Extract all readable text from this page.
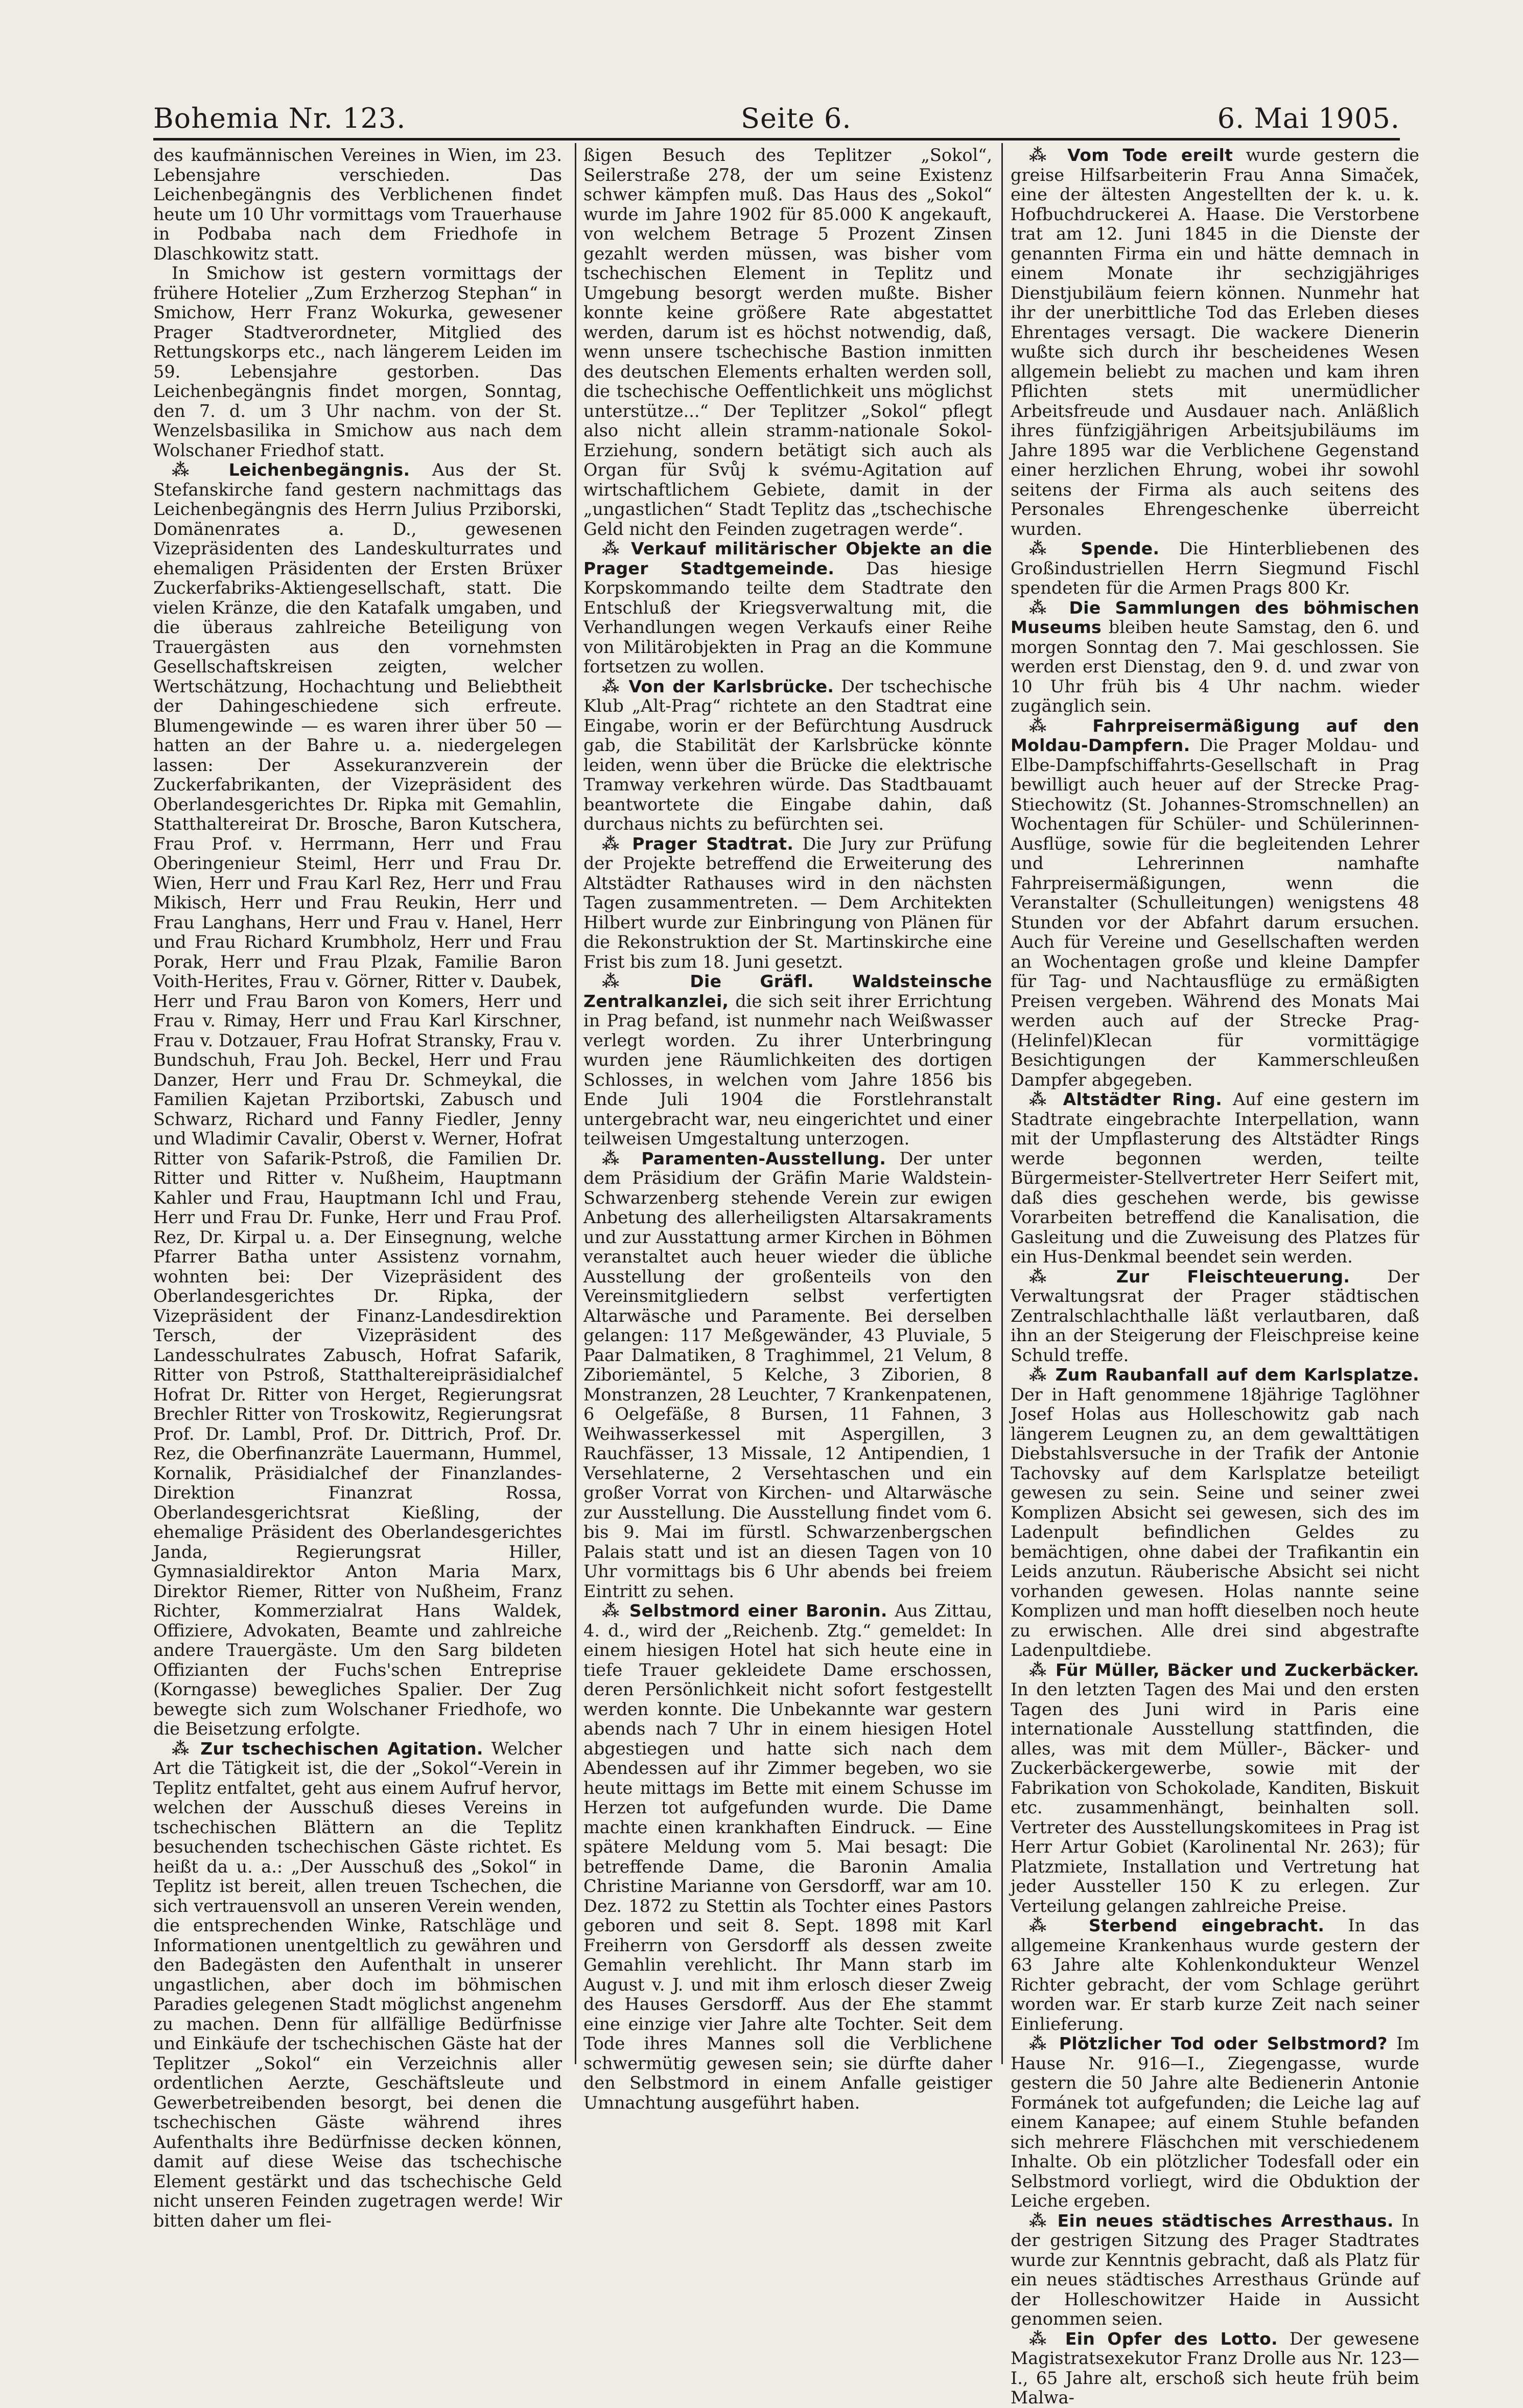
Bohemia Nr. 123.	Seite 6.	6. Mai 1905.

des kaufmännischen Vereines in Wien, im 23. Lebensjahre verschieden. Das Leichenbegängnis des Verblichenen findet heute um 10 Uhr vormittags vom Trauerhause in Podbaba nach dem Friedhofe in Dlaschkowitz statt.

In Smichow ist gestern vormittags der frühere Hotelier „Zum Erzherzog Stephan“ in Smichow, Herr Franz Wokurka, gewesener Prager Stadtverordneter, Mitglied des Rettungskorps etc., nach längerem Leiden im 59. Lebensjahre gestorben. Das Leichenbegängnis findet morgen, Sonntag, den 7. d. um 3 Uhr nachm. von der St. Wenzelsbasilika in Smichow aus nach dem Wolschaner Friedhof statt.

⁂ Leichenbegängnis. Aus der St. Stefanskirche fand gestern nachmittags das Leichenbegängnis des Herrn Julius Prziborski, Domänenrates a. D., gewesenen Vizepräsidenten des Landeskulturrates und ehemaligen Präsidenten der Ersten Brüxer Zuckerfabriks-Aktiengesellschaft, statt. Die vielen Kränze, die den Katafalk umgaben, und die überaus zahlreiche Beteiligung von Trauergästen aus den vornehmsten Gesellschaftskreisen zeigten, welcher Wertschätzung, Hochachtung und Beliebtheit der Dahingeschiedene sich erfreute. Blumengewinde — es waren ihrer über 50 — hatten an der Bahre u. a. niedergelegen lassen: Der Assekuranzverein der Zuckerfabrikanten, der Vizepräsident des Oberlandesgerichtes Dr. Ripka mit Gemahlin, Statthaltereirat Dr. Brosche, Baron Kutschera, Frau Prof. v. Herrmann, Herr und Frau Oberingenieur Steiml, Herr und Frau Dr. Wien, Herr und Frau Karl Rez, Herr und Frau Mikisch, Herr und Frau Reukin, Herr und Frau Langhans, Herr und Frau v. Hanel, Herr und Frau Richard Krumbholz, Herr und Frau Porak, Herr und Frau Plzak, Familie Baron Voith-Herites, Frau v. Görner, Ritter v. Daubek, Herr und Frau Baron von Komers, Herr und Frau v. Rimay, Herr und Frau Karl Kirschner, Frau v. Dotzauer, Frau Hofrat Stransky, Frau v. Bundschuh, Frau Joh. Beckel, Herr und Frau Danzer, Herr und Frau Dr. Schmeykal, die Familien Kajetan Przibortski, Zabusch und Schwarz, Richard und Fanny Fiedler, Jenny und Wladimir Cavalir, Oberst v. Werner, Hofrat Ritter von Safarik-Pstroß, die Familien Dr. Ritter und Ritter v. Nußheim, Hauptmann Kahler und Frau, Hauptmann Ichl und Frau, Herr und Frau Dr. Funke, Herr und Frau Prof. Rez, Dr. Kirpal u. a. Der Einsegnung, welche Pfarrer Batha unter Assistenz vornahm, wohnten bei: Der Vizepräsident des Oberlandesgerichtes Dr. Ripka, der Vizepräsident der Finanz-Landesdirektion Tersch, der Vizepräsident des Landesschulrates Zabusch, Hofrat Safarik, Ritter von Pstroß, Statthaltereipräsidialchef Hofrat Dr. Ritter von Herget, Regierungsrat Brechler Ritter von Troskowitz, Regierungsrat Prof. Dr. Lambl, Prof. Dr. Dittrich, Prof. Dr. Rez, die Oberfinanzräte Lauermann, Hummel, Kornalik, Präsidialchef der Finanzlandes-Direktion Finanzrat Rossa, Oberlandesgerichtsrat Kießling, der ehemalige Präsident des Oberlandesgerichtes Janda, Regierungsrat Hiller, Gymnasialdirektor Anton Maria Marx, Direktor Riemer, Ritter von Nußheim, Franz Richter, Kommerzialrat Hans Waldek, Offiziere, Advokaten, Beamte und zahlreiche andere Trauergäste. Um den Sarg bildeten Offizianten der Fuchs'schen Entreprise (Korngasse) bewegliches Spalier. Der Zug bewegte sich zum Wolschaner Friedhofe, wo die Beisetzung erfolgte.

⁂ Zur tschechischen Agitation. Welcher Art die Tätigkeit ist, die der „Sokol“-Verein in Teplitz entfaltet, geht aus einem Aufruf hervor, welchen der Ausschuß dieses Vereins in tschechischen Blättern an die Teplitz besuchenden tschechischen Gäste richtet. Es heißt da u. a.: „Der Ausschuß des „Sokol“ in Teplitz ist bereit, allen treuen Tschechen, die sich vertrauensvoll an unseren Verein wenden, die entsprechenden Winke, Ratschläge und Informationen unentgeltlich zu gewähren und den Badegästen den Aufenthalt in unserer ungastlichen, aber doch im böhmischen Paradies gelegenen Stadt möglichst angenehm zu machen. Denn für allfällige Bedürfnisse und Einkäufe der tschechischen Gäste hat der Teplitzer „Sokol“ ein Verzeichnis aller ordentlichen Aerzte, Geschäftsleute und Gewerbetreibenden besorgt, bei denen die tschechischen Gäste während ihres Aufenthalts ihre Bedürfnisse decken können, damit auf diese Weise das tschechische Element gestärkt und das tschechische Geld nicht unseren Feinden zugetragen werde! Wir bitten daher um flei-

ßigen Besuch des Teplitzer „Sokol“, Seilerstraße 278, der um seine Existenz schwer kämpfen muß. Das Haus des „Sokol“ wurde im Jahre 1902 für 85.000 K angekauft, von welchem Betrage 5 Prozent Zinsen gezahlt werden müssen, was bisher vom tschechischen Element in Teplitz und Umgebung besorgt werden mußte. Bisher konnte keine größere Rate abgestattet werden, darum ist es höchst notwendig, daß, wenn unsere tschechische Bastion inmitten des deutschen Elements erhalten werden soll, die tschechische Oeffentlichkeit uns möglichst unterstütze...“ Der Teplitzer „Sokol“ pflegt also nicht allein stramm-nationale Sokol-Erziehung, sondern betätigt sich auch als Organ für Svůj k svému-Agitation auf wirtschaftlichem Gebiete, damit in der „ungastlichen“ Stadt Teplitz das „tschechische Geld nicht den Feinden zugetragen werde“.

⁂ Verkauf militärischer Objekte an die Prager Stadtgemeinde. Das hiesige Korpskommando teilte dem Stadtrate den Entschluß der Kriegsverwaltung mit, die Verhandlungen wegen Verkaufs einer Reihe von Militärobjekten in Prag an die Kommune fortsetzen zu wollen.

⁂ Von der Karlsbrücke. Der tschechische Klub „Alt-Prag“ richtete an den Stadtrat eine Eingabe, worin er der Befürchtung Ausdruck gab, die Stabilität der Karlsbrücke könnte leiden, wenn über die Brücke die elektrische Tramway verkehren würde. Das Stadtbauamt beantwortete die Eingabe dahin, daß durchaus nichts zu befürchten sei.

⁂ Prager Stadtrat. Die Jury zur Prüfung der Projekte betreffend die Erweiterung des Altstädter Rathauses wird in den nächsten Tagen zusammentreten. — Dem Architekten Hilbert wurde zur Einbringung von Plänen für die Rekonstruktion der St. Martinskirche eine Frist bis zum 18. Juni gesetzt.

⁂ Die Gräfl. Waldsteinsche Zentralkanzlei, die sich seit ihrer Errichtung in Prag befand, ist nunmehr nach Weißwasser verlegt worden. Zu ihrer Unterbringung wurden jene Räumlichkeiten des dortigen Schlosses, in welchen vom Jahre 1856 bis Ende Juli 1904 die Forstlehranstalt untergebracht war, neu eingerichtet und einer teilweisen Umgestaltung unterzogen.

⁂ Paramenten-Ausstellung. Der unter dem Präsidium der Gräfin Marie Waldstein-Schwarzenberg stehende Verein zur ewigen Anbetung des allerheiligsten Altarsakraments und zur Ausstattung armer Kirchen in Böhmen veranstaltet auch heuer wieder die übliche Ausstellung der großenteils von den Vereinsmitgliedern selbst verfertigten Altarwäsche und Paramente. Bei derselben gelangen: 117 Meßgewänder, 43 Pluviale, 5 Paar Dalmatiken, 8 Traghimmel, 21 Velum, 8 Ziboriemäntel, 5 Kelche, 3 Ziborien, 8 Monstranzen, 28 Leuchter, 7 Krankenpatenen, 6 Oelgefäße, 8 Bursen, 11 Fahnen, 3 Weihwasserkessel mit Aspergillen, 3 Rauchfässer, 13 Missale, 12 Antipendien, 1 Versehlaterne, 2 Versehtaschen und ein großer Vorrat von Kirchen- und Altarwäsche zur Ausstellung. Die Ausstellung findet vom 6. bis 9. Mai im fürstl. Schwarzenbergschen Palais statt und ist an diesen Tagen von 10 Uhr vormittags bis 6 Uhr abends bei freiem Eintritt zu sehen.

⁂ Selbstmord einer Baronin. Aus Zittau, 4. d., wird der „Reichenb. Ztg.“ gemeldet: In einem hiesigen Hotel hat sich heute eine in tiefe Trauer gekleidete Dame erschossen, deren Persönlichkeit nicht sofort festgestellt werden konnte. Die Unbekannte war gestern abends nach 7 Uhr in einem hiesigen Hotel abgestiegen und hatte sich nach dem Abendessen auf ihr Zimmer begeben, wo sie heute mittags im Bette mit einem Schusse im Herzen tot aufgefunden wurde. Die Dame machte einen krankhaften Eindruck. — Eine spätere Meldung vom 5. Mai besagt: Die betreffende Dame, die Baronin Amalia Christine Marianne von Gersdorff, war am 10. Dez. 1872 zu Stettin als Tochter eines Pastors geboren und seit 8. Sept. 1898 mit Karl Freiherrn von Gersdorff als dessen zweite Gemahlin verehlicht. Ihr Mann starb im August v. J. und mit ihm erlosch dieser Zweig des Hauses Gersdorff. Aus der Ehe stammt eine einzige vier Jahre alte Tochter. Seit dem Tode ihres Mannes soll die Verblichene schwermütig gewesen sein; sie dürfte daher den Selbstmord in einem Anfalle geistiger Umnachtung ausgeführt haben.

⁂ Vom Tode ereilt wurde gestern die greise Hilfsarbeiterin Frau Anna Simaček, eine der ältesten Angestellten der k. u. k. Hofbuchdruckerei A. Haase. Die Verstorbene trat am 12. Juni 1845 in die Dienste der genannten Firma ein und hätte demnach in einem Monate ihr sechzigjähriges Dienstjubiläum feiern können. Nunmehr hat ihr der unerbittliche Tod das Erleben dieses Ehrentages versagt. Die wackere Dienerin wußte sich durch ihr bescheidenes Wesen allgemein beliebt zu machen und kam ihren Pflichten stets mit unermüdlicher Arbeitsfreude und Ausdauer nach. Anläßlich ihres fünfzigjährigen Arbeitsjubiläums im Jahre 1895 war die Verblichene Gegenstand einer herzlichen Ehrung, wobei ihr sowohl seitens der Firma als auch seitens des Personales Ehrengeschenke überreicht wurden.

⁂ Spende. Die Hinterbliebenen des Großindustriellen Herrn Siegmund Fischl spendeten für die Armen Prags 800 Kr.

⁂ Die Sammlungen des böhmischen Museums bleiben heute Samstag, den 6. und morgen Sonntag den 7. Mai geschlossen. Sie werden erst Dienstag, den 9. d. und zwar von 10 Uhr früh bis 4 Uhr nachm. wieder zugänglich sein.

⁂ Fahrpreisermäßigung auf den Moldau-Dampfern. Die Prager Moldau- und Elbe-Dampfschiffahrts-Gesellschaft in Prag bewilligt auch heuer auf der Strecke Prag-Stiechowitz (St. Johannes-Stromschnellen) an Wochentagen für Schüler- und Schülerinnen-Ausflüge, sowie für die begleitenden Lehrer und Lehrerinnen namhafte Fahrpreisermäßigungen, wenn die Veranstalter (Schulleitungen) wenigstens 48 Stunden vor der Abfahrt darum ersuchen. Auch für Vereine und Gesellschaften werden an Wochentagen große und kleine Dampfer für Tag- und Nachtausflüge zu ermäßigten Preisen vergeben. Während des Monats Mai werden auch auf der Strecke Prag-(Helinfel)Klecan für vormittägige Besichtigungen der Kammerschleußen Dampfer abgegeben.

⁂ Altstädter Ring. Auf eine gestern im Stadtrate eingebrachte Interpellation, wann mit der Umpflasterung des Altstädter Rings werde begonnen werden, teilte Bürgermeister-Stellvertreter Herr Seifert mit, daß dies geschehen werde, bis gewisse Vorarbeiten betreffend die Kanalisation, die Gasleitung und die Zuweisung des Platzes für ein Hus-Denkmal beendet sein werden.

⁂ Zur Fleischteuerung. Der Verwaltungsrat der Prager städtischen Zentralschlachthalle läßt verlautbaren, daß ihn an der Steigerung der Fleischpreise keine Schuld treffe.

⁂ Zum Raubanfall auf dem Karlsplatze. Der in Haft genommene 18jährige Taglöhner Josef Holas aus Holleschowitz gab nach längerem Leugnen zu, an dem gewalttätigen Diebstahlsversuche in der Trafik der Antonie Tachovsky auf dem Karlsplatze beteiligt gewesen zu sein. Seine und seiner zwei Komplizen Absicht sei gewesen, sich des im Ladenpult befindlichen Geldes zu bemächtigen, ohne dabei der Trafikantin ein Leids anzutun. Räuberische Absicht sei nicht vorhanden gewesen. Holas nannte seine Komplizen und man hofft dieselben noch heute zu erwischen. Alle drei sind abgestrafte Ladenpultdiebe.

⁂ Für Müller, Bäcker und Zuckerbäcker. In den letzten Tagen des Mai und den ersten Tagen des Juni wird in Paris eine internationale Ausstellung stattfinden, die alles, was mit dem Müller-, Bäcker- und Zuckerbäckergewerbe, sowie mit der Fabrikation von Schokolade, Kanditen, Biskuit etc. zusammenhängt, beinhalten soll. Vertreter des Ausstellungskomitees in Prag ist Herr Artur Gobiet (Karolinental Nr. 263); für Platzmiete, Installation und Vertretung hat jeder Aussteller 150 K zu erlegen. Zur Verteilung gelangen zahlreiche Preise.

⁂ Sterbend eingebracht. In das allgemeine Krankenhaus wurde gestern der 63 Jahre alte Kohlenkondukteur Wenzel Richter gebracht, der vom Schlage gerührt worden war. Er starb kurze Zeit nach seiner Einlieferung.

⁂ Plötzlicher Tod oder Selbstmord? Im Hause Nr. 916—I., Ziegengasse, wurde gestern die 50 Jahre alte Bedienerin Antonie Formánek tot aufgefunden; die Leiche lag auf einem Kanapee; auf einem Stuhle befanden sich mehrere Fläschchen mit verschiedenem Inhalte. Ob ein plötzlicher Todesfall oder ein Selbstmord vorliegt, wird die Obduktion der Leiche ergeben.

⁂ Ein neues städtisches Arresthaus. In der gestrigen Sitzung des Prager Stadtrates wurde zur Kenntnis gebracht, daß als Platz für ein neues städtisches Arresthaus Gründe auf der Holleschowitzer Haide in Aussicht genommen seien.

⁂ Ein Opfer des Lotto. Der gewesene Magistratsexekutor Franz Drolle aus Nr. 123—I., 65 Jahre alt, erschoß sich heute früh beim Malwa-
